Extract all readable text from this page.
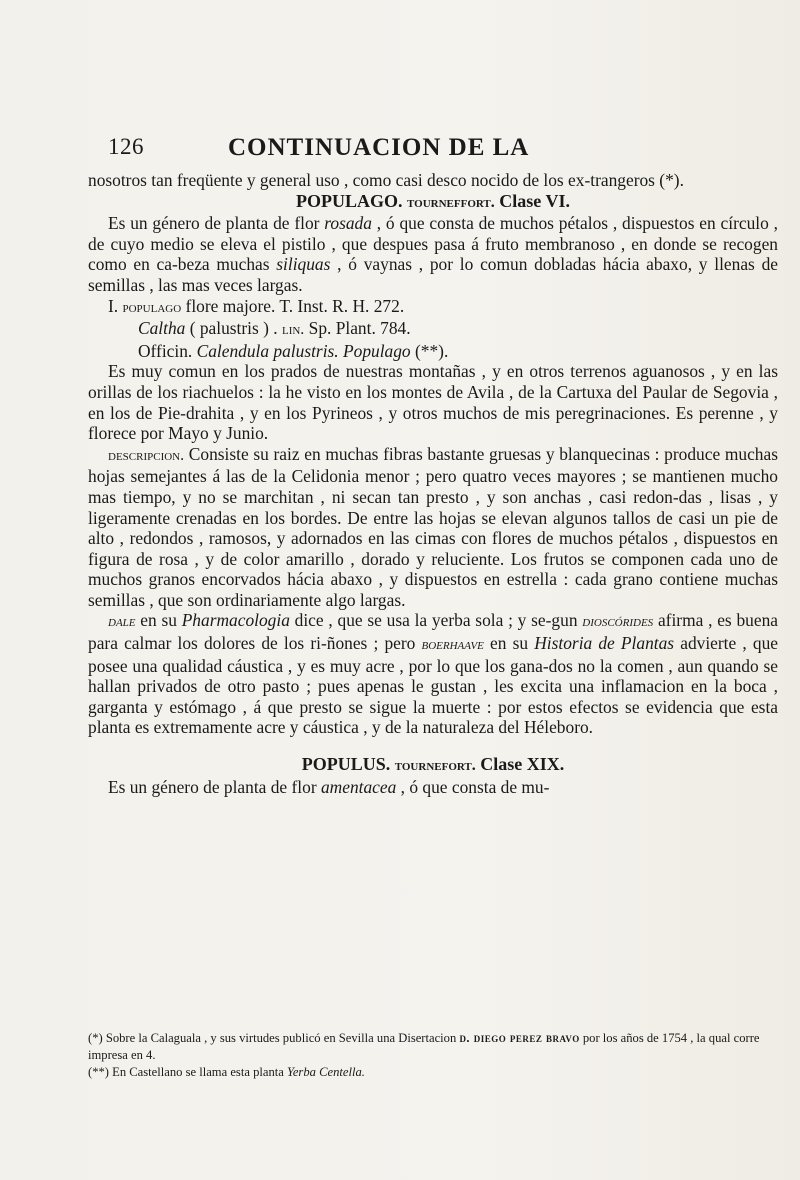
126	CONTINUACION DE LA

nosotros tan freqüente y general uso , como casi desco nocido de los ex-trangeros (*).

POPULAGO. tourneffort. Clase VI.

Es un género de planta de flor rosada , ó que consta de muchos pétalos , dispuestos en círculo , de cuyo medio se eleva el pistilo , que despues pasa á fruto membranoso , en donde se recogen como en ca-beza muchas siliquas , ó vaynas , por lo comun dobladas hácia abaxo, y llenas de semillas , las mas veces largas.

I. populago flore majore. T. Inst. R. H. 272.

Caltha ( palustris ) . lin. Sp. Plant. 784.

Officin. Calendula palustris. Populago (**).

Es muy comun en los prados de nuestras montañas , y en otros terrenos aguanosos , y en las orillas de los riachuelos : la he visto en los montes de Avila , de la Cartuxa del Paular de Segovia , en los de Pie-drahita , y en los Pyrineos , y otros muchos de mis peregrinaciones. Es perenne , y florece por Mayo y Junio.

descripcion. Consiste su raiz en muchas fibras bastante gruesas y blanquecinas : produce muchas hojas semejantes á las de la Celidonia menor ; pero quatro veces mayores ; se mantienen mucho mas tiempo, y no se marchitan , ni secan tan presto , y son anchas , casi redon-das , lisas , y ligeramente crenadas en los bordes. De entre las hojas se elevan algunos tallos de casi un pie de alto , redondos , ramosos, y adornados en las cimas con flores de muchos pétalos , dispuestos en figura de rosa , y de color amarillo , dorado y reluciente. Los frutos se componen cada uno de muchos granos encorvados hácia abaxo , y dispuestos en estrella : cada grano contiene muchas semillas , que son ordinariamente algo largas.

dale en su Pharmacologia dice , que se usa la yerba sola ; y se-gun dioscórides afirma , es buena para calmar los dolores de los ri-ñones ; pero boerhaave en su Historia de Plantas advierte , que posee una qualidad cáustica , y es muy acre , por lo que los gana-dos no la comen , aun quando se hallan privados de otro pasto ; pues apenas le gustan , les excita una inflamacion en la boca , garganta y estómago , á que presto se sigue la muerte : por estos efectos se evidencia que esta planta es extremamente acre y cáustica , y de la naturaleza del Héleboro.

POPULUS. tournefort. Clase XIX.

Es un género de planta de flor amentacea , ó que consta de mu-

(*) Sobre la Calaguala , y sus virtudes publicó en Sevilla una Disertacion d. diego perez bravo por los años de 1754 , la qual corre impresa en 4.

(**) En Castellano se llama esta planta Yerba Centella.
